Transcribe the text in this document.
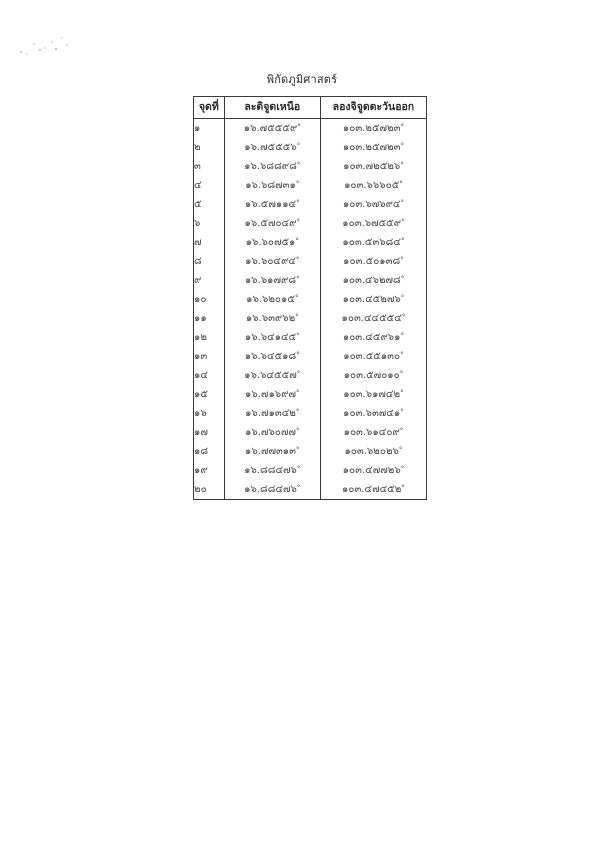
พิกัดภูมิศาสตร์
จุดที่	ละติจูดเหนือ	ลองจิจูดตะวันออก
๑	๑๖.๗๕๕๕๙°	๑๐๓.๒๕๗๒๓°
๒	๑๖.๗๕๕๕๖°	๑๐๓.๒๕๗๒๓°
๓	๑๖.๖๘๘๙๘°	๑๐๓.๗๒๕๒๖°
๔	๑๖.๖๘๗๓๑°	๑๐๓.๖๖๖๐๕°
๕	๑๖.๕๗๑๑๔°	๑๐๓.๖๗๖๙๔°
๖	๑๖.๕๗๐๔๙°	๑๐๓.๖๗๕๕๙°
๗	๑๖.๖๐๗๕๑°	๑๐๓.๕๓๖๘๔°
๘	๑๖.๖๐๔๙๔°	๑๐๓.๕๐๑๓๘°
๙	๑๖.๖๑๗๙๘°	๑๐๓.๔๖๒๗๘°
๑๐	๑๖.๖๒๐๑๕°	๑๐๓.๔๕๒๗๖°
๑๑	๑๖.๖๓๙๖๒°	๑๐๓.๔๔๕๕๔°
๑๒	๑๖.๖๔๑๔๕°	๑๐๓.๔๕๙๖๑°
๑๓	๑๖.๖๔๕๑๘°	๑๐๓.๕๕๑๓๐°
๑๔	๑๖.๖๔๕๕๗°	๑๐๓.๕๗๐๑๐°
๑๕	๑๖.๗๑๖๙๗°	๑๐๓.๖๑๗๔๒°
๑๖	๑๖.๗๑๓๔๒°	๑๐๓.๖๓๗๔๑°
๑๗	๑๖.๗๖๐๗๗°	๑๐๓.๖๑๔๐๙°
๑๘	๑๖.๗๗๓๑๓°	๑๐๓.๖๒๐๒๖°
๑๙	๑๖.๘๘๔๗๖°	๑๐๓.๔๗๗๒๖°
๒๐	๑๖.๘๘๔๗๖°	๑๐๓.๔๗๔๕๒°
